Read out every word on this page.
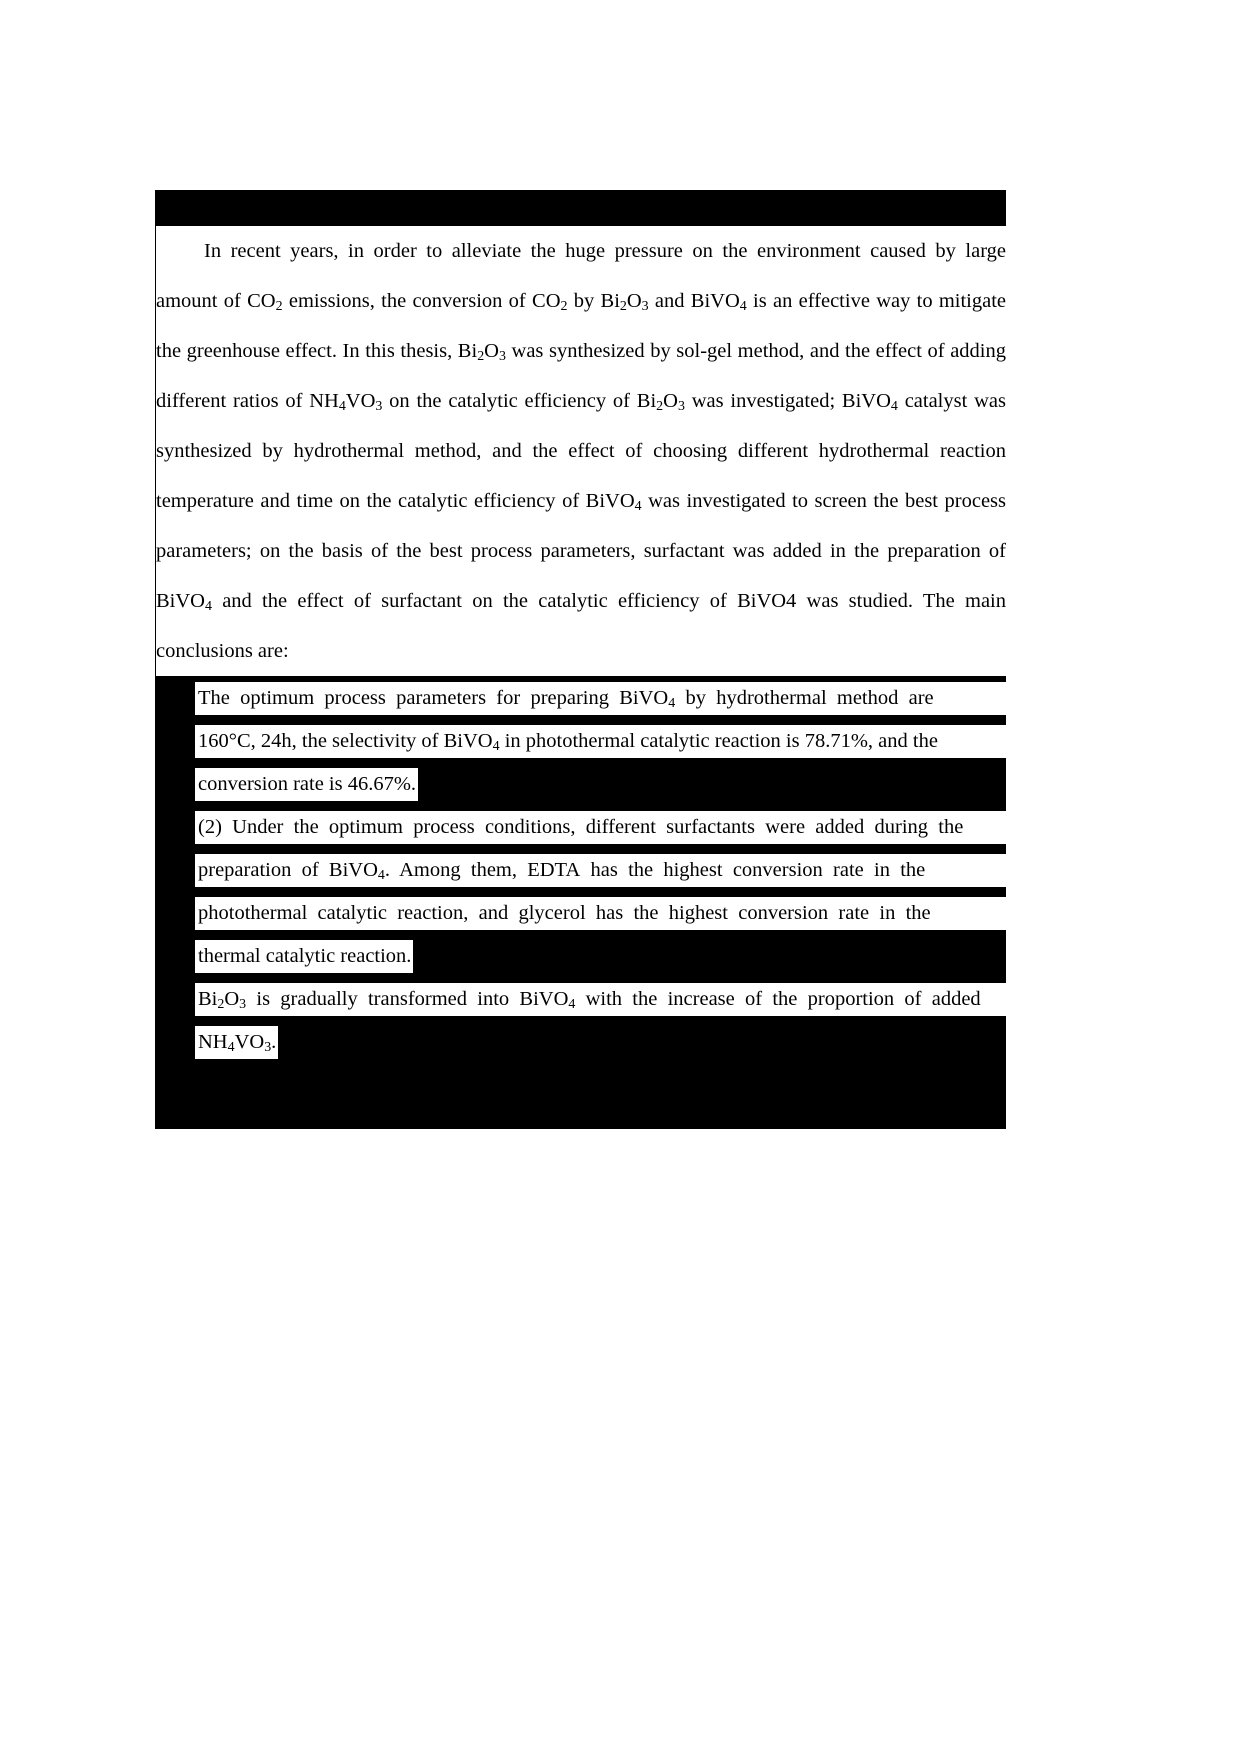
In recent years, in order to alleviate the huge pressure on the environment caused by large amount of $CO_2$ emissions, the conversion of $CO_2$ by $Bi_2O_3$ and BiVO$_4$ is an effective way to mitigate the greenhouse effect. In this thesis, $Bi_2O_3$ was synthesized by sol-gel method, and the effect of adding different ratios of $NH_4VO_3$ on the catalytic efficiency of $Bi_2O_3$ was investigated; BiVO$_4$ catalyst was synthesized by hydrothermal method, and the effect of choosing different hydrothermal reaction temperature and time on the catalytic efficiency of BiVO$_4$ was investigated to screen the best process parameters; on the basis of the best process parameters, surfactant was added in the preparation of BiVO$_4$ and the effect of surfactant on the catalytic efficiency of BiVO4 was studied. The main conclusions are:

The  optimum  process  parameters  for  preparing  BiVO$_4$  by  hydrothermal  method  are
160°C, 24h, the selectivity of BiVO$_4$ in photothermal catalytic reaction is 78.71%, and the
conversion rate is 46.67%.
(2)  Under  the  optimum  process  conditions,  different  surfactants  were  added  during  the
preparation  of  BiVO$_4$.  Among  them,  EDTA  has  the  highest  conversion  rate  in  the
photothermal  catalytic  reaction,  and  glycerol  has  the  highest  conversion  rate  in  the
thermal catalytic reaction.
$Bi_2O_3$  is  gradually  transformed  into  BiVO$_4$  with  the  increase  of  the  proportion  of  added
$NH_4VO_3$.
